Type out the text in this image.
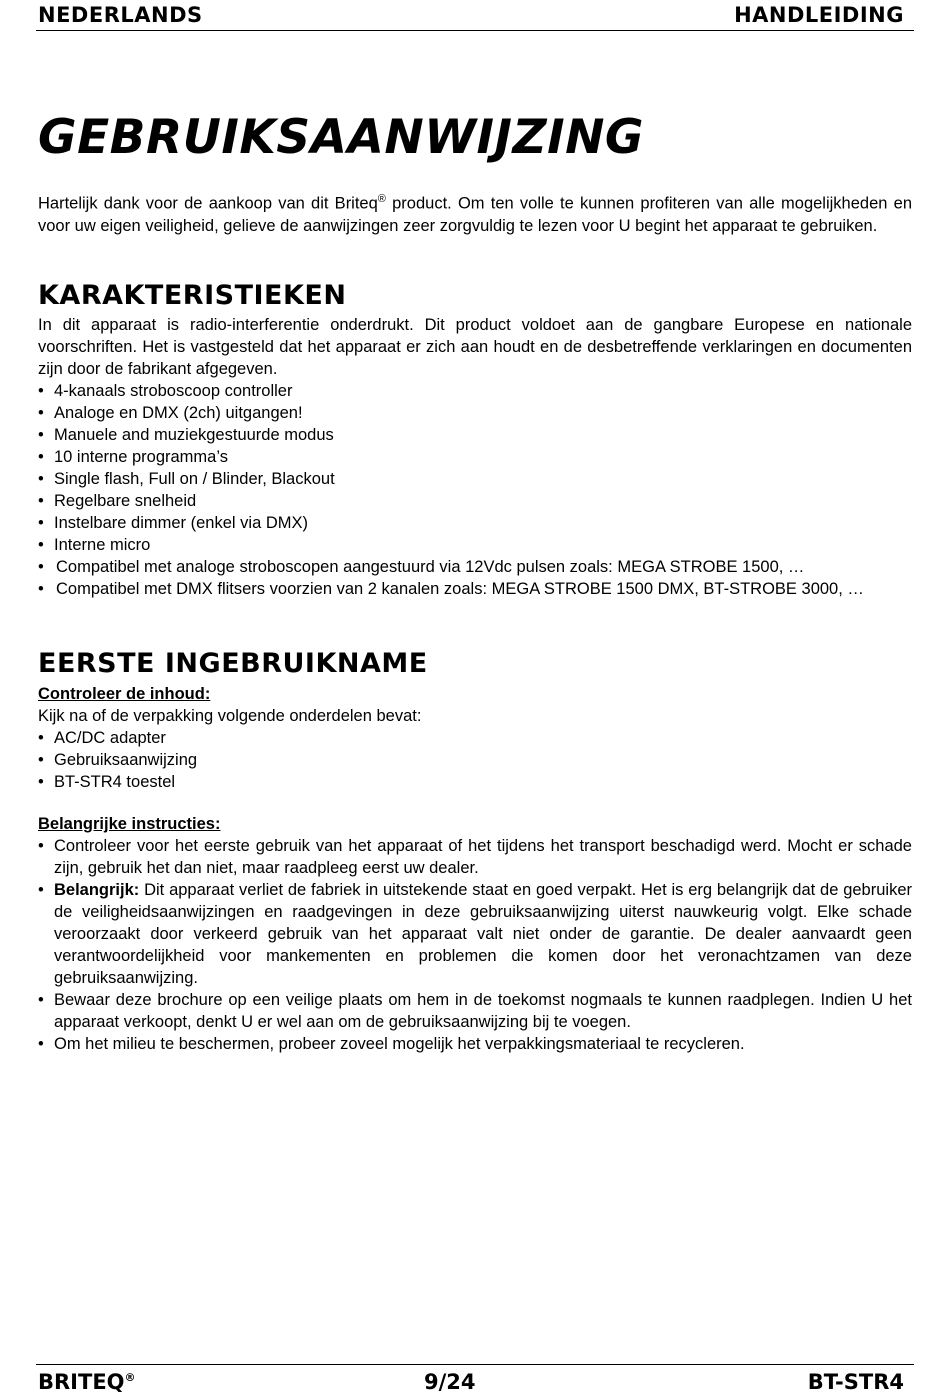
NEDERLANDS	HANDLEIDING
GEBRUIKSAANWIJZING

Hartelijk dank voor de aankoop van dit Briteq® product. Om ten volle te kunnen profiteren van alle mogelijkheden en voor uw eigen veiligheid, gelieve de aanwijzingen zeer zorgvuldig te lezen voor U begint het apparaat te gebruiken.

KARAKTERISTIEKEN

In dit apparaat is radio-interferentie onderdrukt. Dit product voldoet aan de gangbare Europese en nationale voorschriften. Het is vastgesteld dat het apparaat er zich aan houdt en de desbetreffende verklaringen en documenten zijn door de fabrikant afgegeven.

• 4-kanaals stroboscoop controller
• Analoge en DMX (2ch) uitgangen!
• Manuele and muziekgestuurde modus
• 10 interne programma’s
• Single flash, Full on / Blinder, Blackout
• Regelbare snelheid
• Instelbare dimmer (enkel via DMX)
• Interne micro
• Compatibel met analoge stroboscopen aangestuurd via 12Vdc pulsen zoals: MEGA STROBE 1500, …
• Compatibel met DMX flitsers voorzien van 2 kanalen zoals: MEGA STROBE 1500 DMX, BT-STROBE 3000, …
EERSTE INGEBRUIKNAME
Controleer de inhoud:
Kijk na of de verpakking volgende onderdelen bevat:
• AC/DC adapter
• Gebruiksaanwijzing
• BT-STR4 toestel
Belangrijke instructies:
• Controleer voor het eerste gebruik van het apparaat of het tijdens het transport beschadigd werd. Mocht er schade zijn, gebruik het dan niet, maar raadpleeg eerst uw dealer.
• Belangrijk: Dit apparaat verliet de fabriek in uitstekende staat en goed verpakt. Het is erg belangrijk dat de gebruiker de veiligheidsaanwijzingen en raadgevingen in deze gebruiksaanwijzing uiterst nauwkeurig volgt. Elke schade veroorzaakt door verkeerd gebruik van het apparaat valt niet onder de garantie. De dealer aanvaardt geen verantwoordelijkheid voor mankementen en problemen die komen door het veronachtzamen van deze gebruiksaanwijzing.
• Bewaar deze brochure op een veilige plaats om hem in de toekomst nogmaals te kunnen raadplegen. Indien U het apparaat verkoopt, denkt U er wel aan om de gebruiksaanwijzing bij te voegen.
• Om het milieu te beschermen, probeer zoveel mogelijk het verpakkingsmateriaal te recycleren.
BRITEQ®	9/24	BT-STR4
